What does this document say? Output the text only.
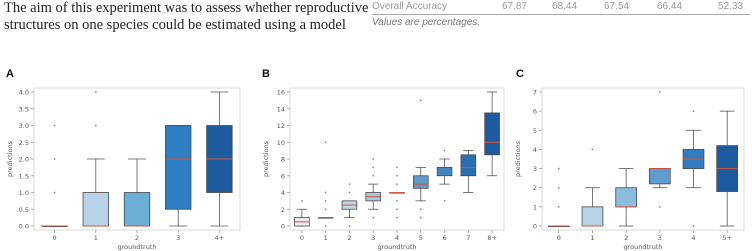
The aim of this experiment was to assess whether reproductive
structures on one species could be estimated using a model
Overall Accuracy	67.87 68.44	67.54	66.44	52.33
Values are percentages.
A	B	C
0.0
0.5
1.0
1.5
2.0
2.5
3.0
3.5
4.0
predictions
0	1	2	3	4+
groundtruth
0
2
4
6
8
10
12
14
16
predictions
0	1	2	3	4	5	6	7	8+
groundtruth
0
1
2
3
4
5
6
7
predictions
0	1	2	3	4	5+
groundtruth
